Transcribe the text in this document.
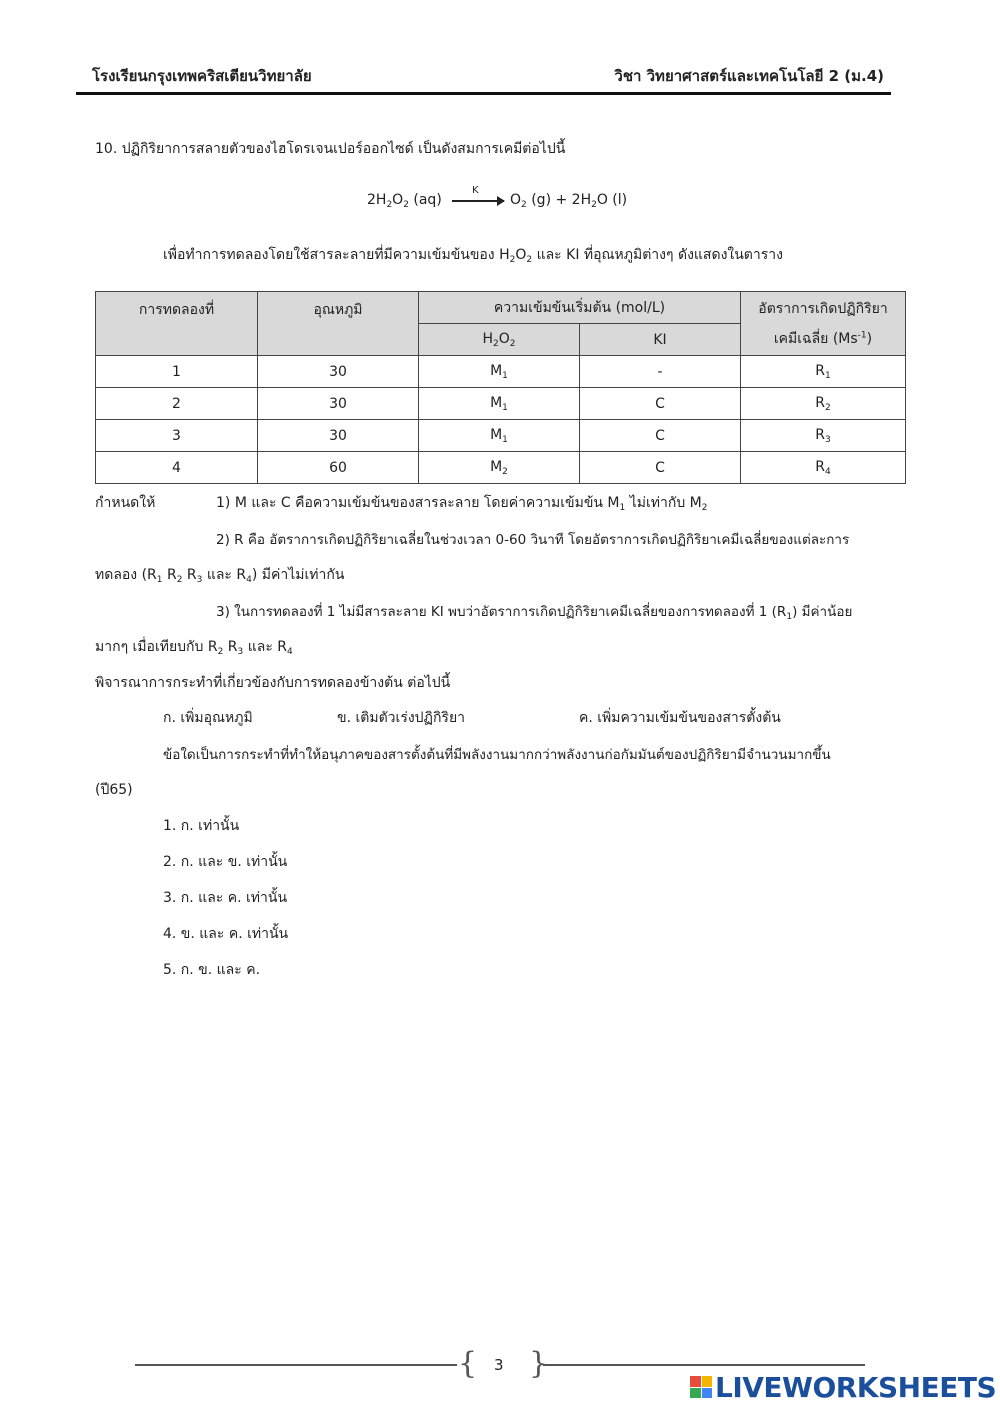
โรงเรียนกรุงเทพคริสเตียนวิทยาลัย	วิชา วิทยาศาสตร์และเทคโนโลยี 2 (ม.4)
10. ปฏิกิริยาการสลายตัวของไฮโดรเจนเปอร์ออกไซด์ เป็นดังสมการเคมีต่อไปนี้
$2H_2O_2$ (aq)
K
→ $O_2$ $(g) + 2H_2O$ (l)
เพื่อทำการทดลองโดยใช้สารละลายที่มีความเข้มข้นของ $H_2O_2$ และ KI ที่อุณหภูมิต่างๆ ดังแสดงในตาราง
การทดลองที่	อุณหภูมิ	ความเข้มข้นเริ่มต้น (mol/L)		อัตราการเกิดปฏิกิริยา
เคมีเฉลี่ย $(Ms^{-1})$

		$H_2O_2$	KI	
1	30	$M_1$	-	$R_1$
2	30	$M_1$	C	$R_2$
3	30	$M_1$	C	$R_3$
4	60	$M_2$	C	$R_4$
กำหนดให้	1) M และ C คือความเข้มข้นของสารละลาย โดยค่าความเข้มข้น $M_1$ ไม่เท่ากับ $M_2$
2) R คือ อัตราการเกิดปฏิกิริยาเฉลี่ยในช่วงเวลา 0-60 วินาที โดยอัตราการเกิดปฏิกิริยาเคมีเฉลี่ยของแต่ละการ
ทดลอง ($R_1$ $R_2$ $R_3$ และ $R_4$) มีค่าไม่เท่ากัน
3) ในการทดลองที่ 1 ไม่มีสารละลาย KI พบว่าอัตราการเกิดปฏิกิริยาเคมีเฉลี่ยของการทดลองที่ 1 $(R_1)$ มีค่าน้อย
มากๆ เมื่อเทียบกับ $R_2$ $R_3$ และ $R_4$
พิจารณาการกระทำที่เกี่ยวข้องกับการทดลองข้างต้น ต่อไปนี้
ก. เพิ่มอุณหภูมิ	ข. เติมตัวเร่งปฏิกิริยา	ค. เพิ่มความเข้มข้นของสารตั้งต้น
ข้อใดเป็นการกระทำที่ทำให้อนุภาคของสารตั้งต้นที่มีพลังงานมากกว่าพลังงานก่อกัมมันต์ของปฏิกิริยามีจำนวนมากขึ้น
(ปี65)
1. ก. เท่านั้น
2. ก. และ ข. เท่านั้น
3. ก. และ ค. เท่านั้น
4. ข. และ ค. เท่านั้น
5. ก. ข. และ ค.
{ }
3
LIVEWORKSHEETS
